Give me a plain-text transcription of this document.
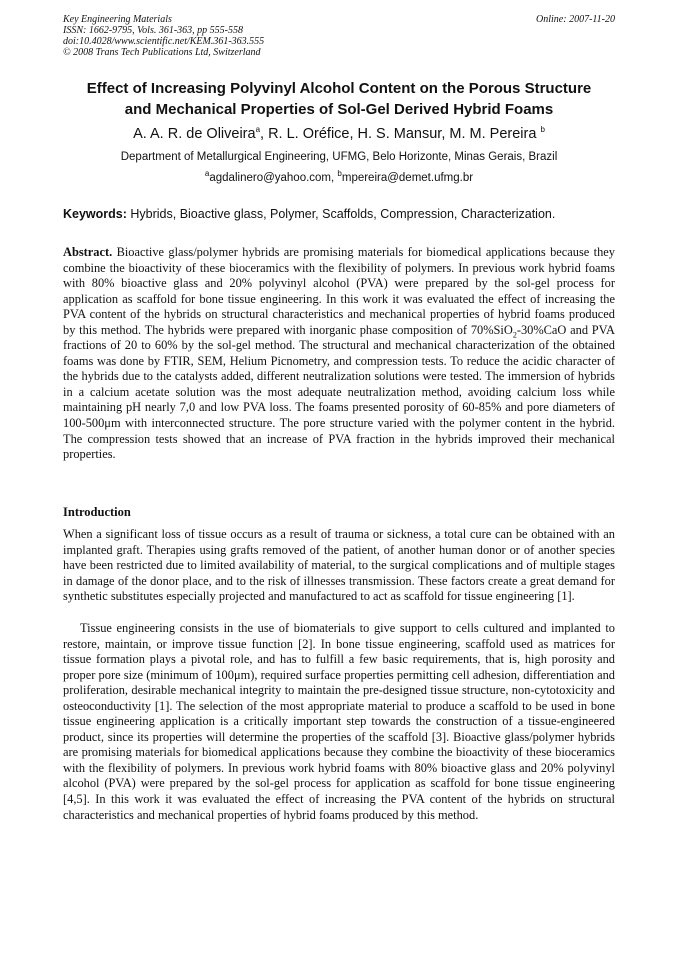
Key Engineering Materials
ISSN: 1662-9795, Vols. 361-363, pp 555-558
doi:10.4028/www.scientific.net/KEM.361-363.555
© 2008 Trans Tech Publications Ltd, Switzerland
Online: 2007-11-20
Effect of Increasing Polyvinyl Alcohol Content on the Porous Structure
and Mechanical Properties of Sol-Gel Derived Hybrid Foams
A. A. R. de Oliveira$^a$, R. L. Oréfice, H. S. Mansur, M. M. Pereira $^b$
Department of Metallurgical Engineering, UFMG, Belo Horizonte, Minas Gerais, Brazil
$^a$agdalinero@yahoo.com, $^b$mpereira@demet.ufmg.br
Keywords: Hybrids, Bioactive glass, Polymer, Scaffolds, Compression, Characterization.
Abstract. Bioactive glass/polymer hybrids are promising materials for biomedical applications because they combine the bioactivity of these bioceramics with the flexibility of polymers. In previous work hybrid foams with 80% bioactive glass and 20% polyvinyl alcohol (PVA) were prepared by the sol-gel process for application as scaffold for bone tissue engineering. In this work it was evaluated the effect of increasing the PVA content of the hybrids on structural characteristics and mechanical properties of hybrid foams produced by this method. The hybrids were prepared with inorganic phase composition of 70%SiO$_2$-30%CaO and PVA fractions of 20 to 60% by the sol-gel method. The structural and mechanical characterization of the obtained foams was done by FTIR, SEM, Helium Picnometry, and compression tests. To reduce the acidic character of the hybrids due to the catalysts added, different neutralization solutions were tested. The immersion of hybrids in a calcium acetate solution was the most adequate neutralization method, avoiding calcium loss while maintaining pH nearly 7,0 and low PVA loss. The foams presented porosity of 60-85% and pore diameters of 100-500μm with interconnected structure. The pore structure varied with the polymer content in the hybrid. The compression tests showed that an increase of PVA fraction in the hybrids improved their mechanical properties.
Introduction
When a significant loss of tissue occurs as a result of trauma or sickness, a total cure can be obtained with an implanted graft. Therapies using grafts removed of the patient, of another human donor or of another species have been restricted due to limited availability of material, to the surgical complications and of multiple stages in damage of the donor place, and to the risk of illnesses transmission. These factors create a great demand for synthetic substitutes especially projected and manufactured to act as scaffold for tissue engineering [1].
Tissue engineering consists in the use of biomaterials to give support to cells cultured and implanted to restore, maintain, or improve tissue function [2]. In bone tissue engineering, scaffold used as matrices for tissue formation plays a pivotal role, and has to fulfill a few basic requirements, that is, high porosity and proper pore size (minimum of 100μm), required surface properties permitting cell adhesion, differentiation and proliferation, desirable mechanical integrity to maintain the pre-designed tissue structure, non-cytotoxicity and osteoconductivity [1]. The selection of the most appropriate material to produce a scaffold to be used in bone tissue engineering application is a critically important step towards the construction of a tissue-engineered product, since its properties will determine the properties of the scaffold [3]. Bioactive glass/polymer hybrids are promising materials for biomedical applications because they combine the bioactivity of these bioceramics with the flexibility of polymers. In previous work hybrid foams with 80% bioactive glass and 20% polyvinyl alcohol (PVA) were prepared by the sol-gel process for application as scaffold for bone tissue engineering [4,5]. In this work it was evaluated the effect of increasing the PVA content of the hybrids on structural characteristics and mechanical properties of hybrid foams produced by this method.
